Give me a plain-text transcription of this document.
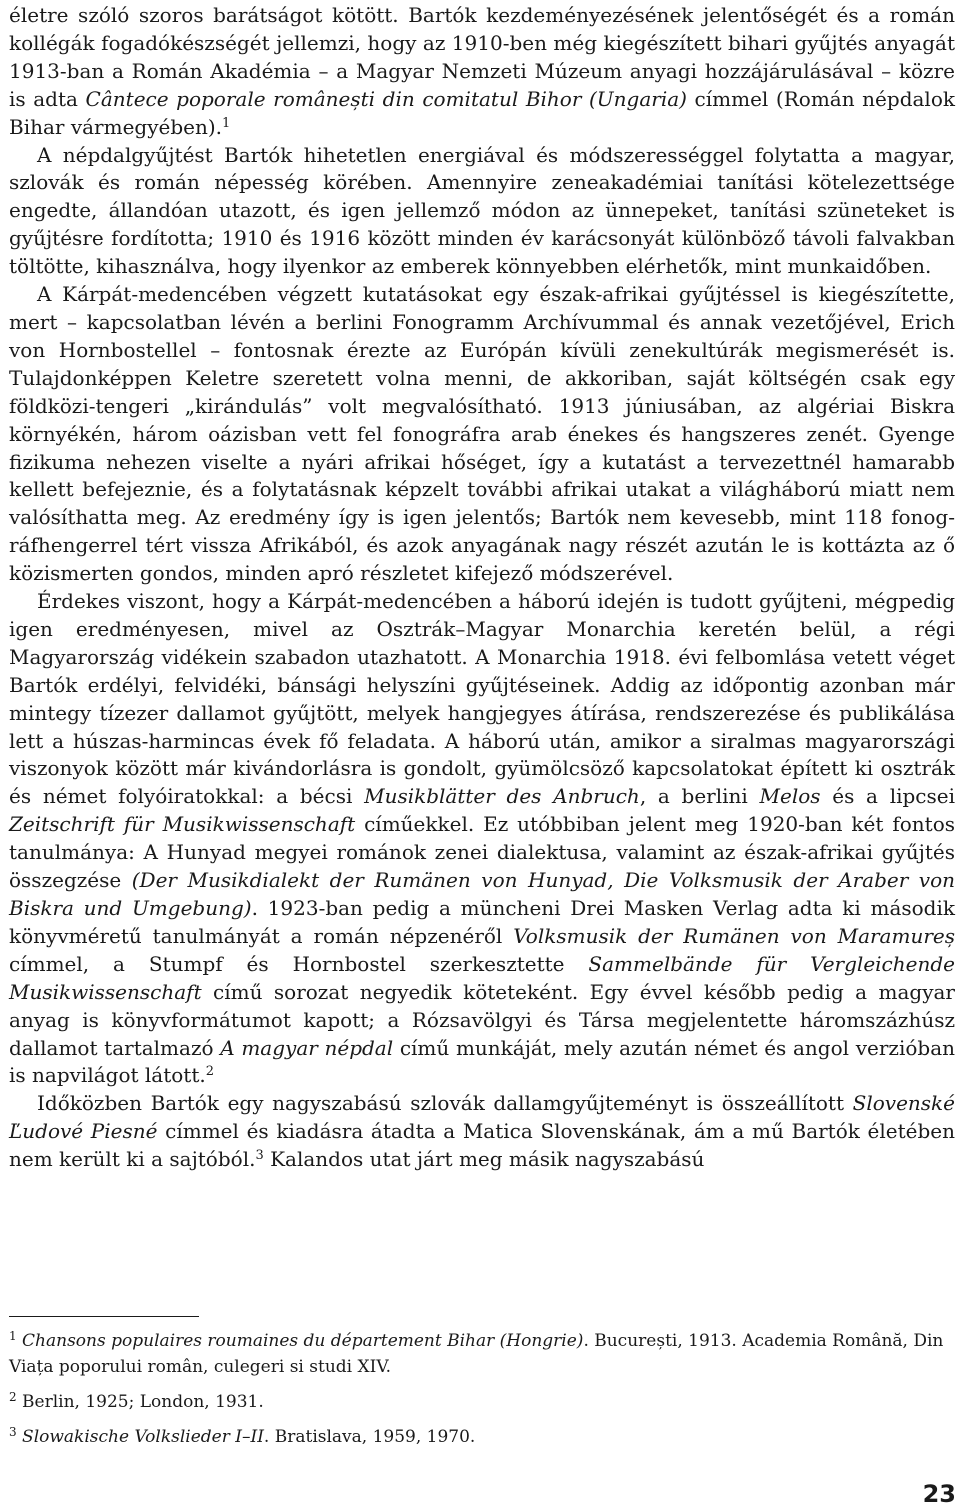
életre szóló szoros barátságot kötött. Bartók kezdeményezésének jelentőségét és a román kollégák fogadókészségét jellemzi, hogy az 1910-ben még kiegészített bihari gyűjtés anyagát 1913-ban a Román Akadémia – a Magyar Nemzeti Múzeum anyagi hozzájárulásával – közre is adta Cântece poporale românești din comitatul Bihor (Ungaria) címmel (Román népdalok Bihar vármegyében).$^1$

A népdalgyűjtést Bartók hihetetlen energiával és módszerességgel folytatta a magyar, szlovák és román népesség körében. Amennyire zeneakadémiai tanítási kötelezettsége engedte, állandóan utazott, és igen jellemző módon az ünnepeket, tanítási szüneteket is gyűjtésre fordította; 1910 és 1916 között minden év karácsonyát különböző távoli falvakban töltötte, kihasználva, hogy ilyenkor az emberek könnyebben elérhetők, mint munkaidőben.

A Kárpát-medencében végzett kutatásokat egy észak-afrikai gyűjtéssel is kiegészítette, mert – kapcsolatban lévén a berlini Fonogramm Archívummal és annak vezetőjével, Erich von Hornbostellel – fontosnak érezte az Európán kívüli zenekultúrák megismerését is. Tulajdonképpen Keletre szeretett volna menni, de akkoriban, saját költségén csak egy földközi-tengeri „kirándulás” volt megvalósítható. 1913 júniusában, az algériai Biskra környékén, három oázisban vett fel fonográfra arab énekes és hangszeres zenét. Gyenge fizikuma nehezen viselte a nyári afrikai hőséget, így a kutatást a tervezettnél hamarabb kellett befejeznie, és a folytatásnak képzelt további afrikai utakat a világháború miatt nem valósíthatta meg. Az eredmény így is igen jelentős; Bartók nem kevesebb, mint 118 fonográfhengerrel tért vissza Afrikából, és azok anyagának nagy részét azután le is kottázta az ő közismerten gondos, minden apró részletet kifejező módszerével.

Érdekes viszont, hogy a Kárpát-medencében a háború idején is tudott gyűjteni, mégpedig igen eredményesen, mivel az Osztrák–Magyar Monarchia keretén belül, a régi Magyarország vidékein szabadon utazhatott. A Monarchia 1918. évi felbomlása vetett véget Bartók erdélyi, felvidéki, bánsági helyszíni gyűjtéseinek. Addig az időpontig azonban már mintegy tízezer dallamot gyűjtött, melyek hangjegyes átírása, rendszerezése és publikálása lett a húszas-harmincas évek fő feladata. A háború után, amikor a siralmas magyarországi viszonyok között már kivándorlásra is gondolt, gyümölcsöző kapcsolatokat épített ki osztrák és német folyóiratokkal: a bécsi Musikblätter des Anbruch, a berlini Melos és a lipcsei Zeitschrift für Musikwissenschaft címűekkel. Ez utóbbiban jelent meg 1920-ban két fontos tanulmánya: A Hunyad megyei románok zenei dialektusa, valamint az észak-afrikai gyűjtés összegzése (Der Musikdialekt der Rumänen von Hunyad, Die Volksmusik der Araber von Biskra und Umgebung). 1923-ban pedig a müncheni Drei Masken Verlag adta ki második könyvméretű tanulmányát a román népzenéről Volksmusik der Rumänen von Maramureș címmel, a Stumpf és Hornbostel szerkesztette Sammelbände für Vergleichende Musikwissenschaft című sorozat negyedik köteteként. Egy évvel később pedig a magyar anyag is könyvformátumot kapott; a Rózsavölgyi és Társa megjelentette háromszázhúsz dallamot tartalmazó A magyar népdal című munkáját, mely azután német és angol verzióban is napvilágot látott.$^2$

Időközben Bartók egy nagyszabású szlovák dallamgyűjteményt is összeállított Slovenské Ľudové Piesné címmel és kiadásra átadta a Matica Slovenskának, ám a mű Bartók életében nem került ki a sajtóból.$^3$ Kalandos utat járt meg másik nagyszabású

$^1$ Chansons populaires roumaines du département Bihar (Hongrie). București, 1913. Academia Română, Din Viața poporului român, culegeri si studi XIV.

$^2$ Berlin, 1925; London, 1931.

$^3$ Slowakische Volkslieder I–II. Bratislava, 1959, 1970.

23
